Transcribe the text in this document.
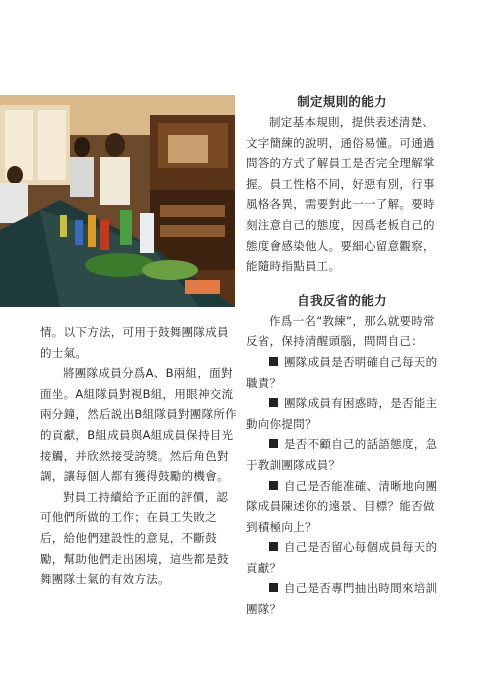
情。以下方法，可用于鼓舞團隊成員的士氣。

將團隊成員分爲A、B兩組，面對面坐。A組隊員對視B組，用眼神交流兩分鐘，然后説出B組隊員對團隊所作的貢獻，B組成員與A組成員保持目光接觸，并欣然接受誇獎。然后角色對調，讓每個人都有獲得鼓勵的機會。

對員工持續給予正面的評價，認可他們所做的工作；在員工失敗之后，給他們建設性的意見，不斷鼓勵，幫助他們走出困境，這些都是鼓舞團隊士氣的有效方法。

制定規則的能力

制定基本規則，提供表述清楚、文字簡練的說明，通俗易懂。可通過問答的方式了解員工是否完全理解掌握。員工性格不同，好惡有別，行事風格各異，需要對此一一了解。要時刻注意自己的態度，因爲老板自己的態度會感染他人。要細心留意觀察，能隨時指點員工。

自我反省的能力

作爲一名“教練”，那么就要時常反省，保持清醒頭腦，問問自己：

團隊成員是否明確自己每天的職責？

團隊成員有困惑時，是否能主動向你提問？

是否不顧自己的話語態度，急于教訓團隊成員？

自己是否能准確、清晰地向團隊成員陳述你的遠景、目標？能否做到積極向上？

自己是否留心每個成員每天的貢獻？

自己是否專門抽出時間來培訓團隊？
